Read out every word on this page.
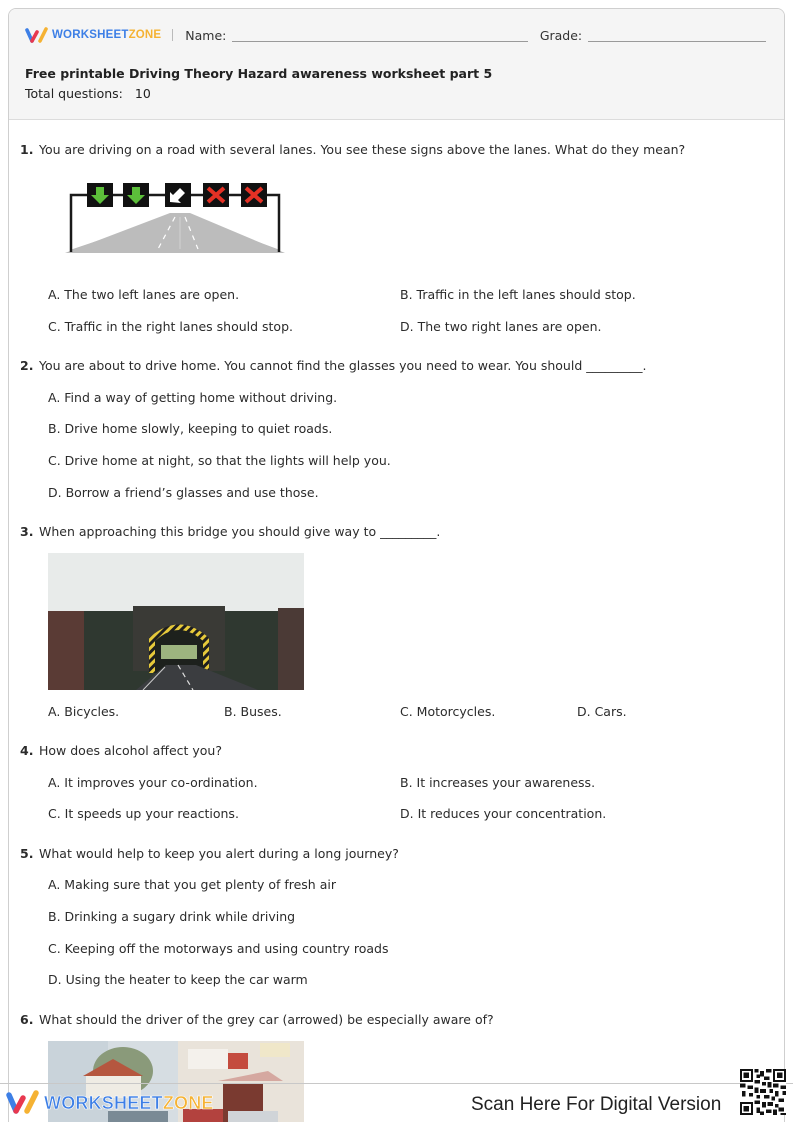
WORKSHEETZONE Name:	Grade:
Free printable Driving Theory Hazard awareness worksheet part 5
Total questions: 10
1. You are driving on a road with several lanes. You see these signs above the lanes. What do they mean?
A. The two left lanes are open.	B. Traffic in the left lanes should stop.
C. Traffic in the right lanes should stop.	D. The two right lanes are open.
2. You are about to drive home. You cannot find the glasses you need to wear. You should _________.
A. Find a way of getting home without driving.
B. Drive home slowly, keeping to quiet roads.
C. Drive home at night, so that the lights will help you.
D. Borrow a friend’s glasses and use those.
3. When approaching this bridge you should give way to _________.
A. Bicycles.	B. Buses.	C. Motorcycles.	D. Cars.
4. How does alcohol affect you?
A. It improves your co-ordination.	B. It increases your awareness.
C. It speeds up your reactions.	D. It reduces your concentration.
5. What would help to keep you alert during a long journey?
A. Making sure that you get plenty of fresh air
B. Drinking a sugary drink while driving
C. Keeping off the motorways and using country roads
D. Using the heater to keep the car warm
6. What should the driver of the grey car (arrowed) be especially aware of?
WORKSHEETZONE	Scan Here For Digital Version
